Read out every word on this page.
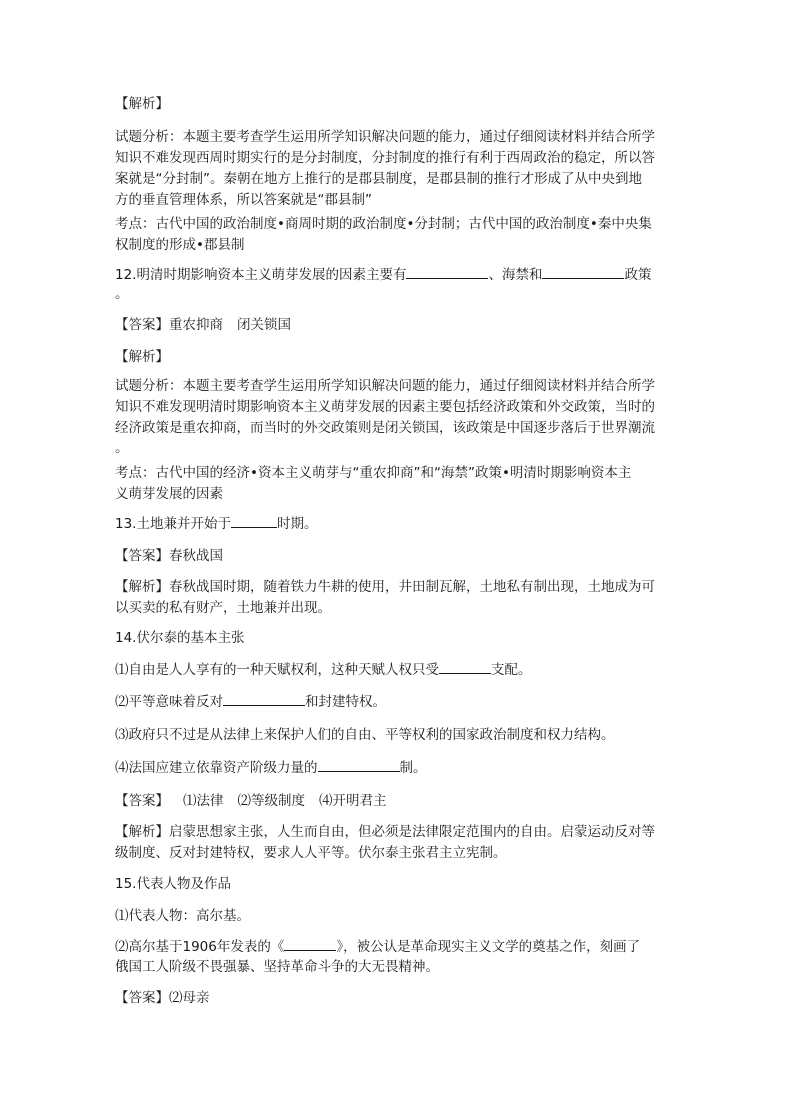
【解析】

试题分析：本题主要考查学生运用所学知识解决问题的能力，通过仔细阅读材料并结合所学

知识不难发现西周时期实行的是分封制度，分封制度的推行有利于西周政治的稳定，所以答

案就是“分封制”。秦朝在地方上推行的是郡县制度，是郡县制的推行才形成了从中央到地

方的垂直管理体系，所以答案就是“郡县制”

考点：古代中国的政治制度•商周时期的政治制度•分封制；古代中国的政治制度•秦中央集

权制度的形成•郡县制

12.明清时期影响资本主义萌芽发展的因素主要有	、海禁和	政策

。

【答案】重农抑商 闭关锁国

【解析】

试题分析：本题主要考查学生运用所学知识解决问题的能力，通过仔细阅读材料并结合所学

知识不难发现明清时期影响资本主义萌芽发展的因素主要包括经济政策和外交政策，当时的

经济政策是重农抑商，而当时的外交政策则是闭关锁国，该政策是中国逐步落后于世界潮流

。

考点：古代中国的经济•资本主义萌芽与“重农抑商”和“海禁”政策•明清时期影响资本主

义萌芽发展的因素

13.土地兼并开始于	时期。

【答案】春秋战国

【解析】春秋战国时期，随着铁力牛耕的使用，井田制瓦解，土地私有制出现，土地成为可

以买卖的私有财产，土地兼并出现。

14.伏尔泰的基本主张

⑴自由是人人享有的一种天赋权利，这种天赋人权只受	支配。

⑵平等意味着反对	和封建特权。

⑶政府只不过是从法律上来保护人们的自由、平等权利的国家政治制度和权力结构。

⑷法国应建立依靠资产阶级力量的	制。

【答案】 ⑴法律 ⑵等级制度 ⑷开明君主

【解析】启蒙思想家主张，人生而自由，但必须是法律限定范围内的自由。启蒙运动反对等

级制度、反对封建特权，要求人人平等。伏尔泰主张君主立宪制。

15.代表人物及作品

⑴代表人物：高尔基。

⑵高尔基于1906年发表的《	》，被公认是革命现实主义文学的奠基之作，刻画了

俄国工人阶级不畏强暴、坚持革命斗争的大无畏精神。

【答案】⑵母亲
